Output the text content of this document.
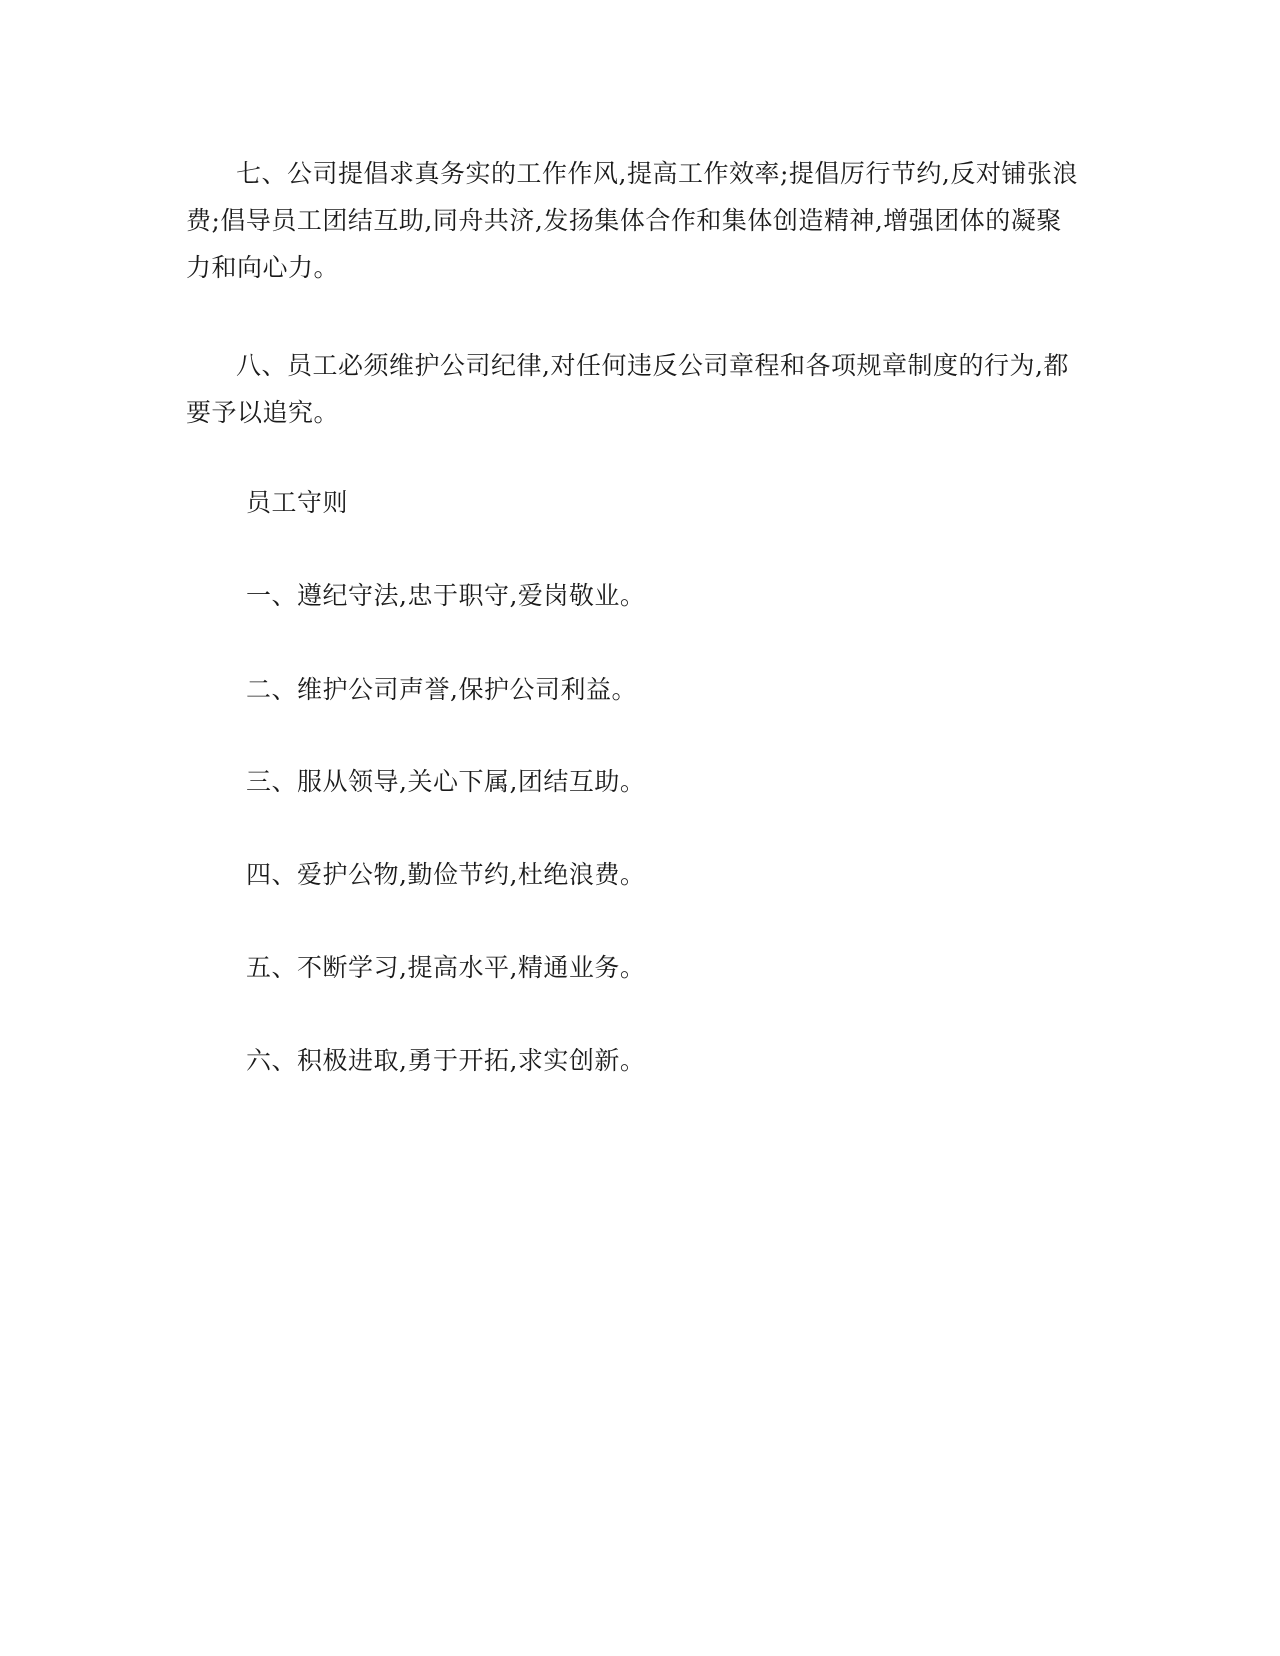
七、公司提倡求真务实的工作作风,提高工作效率;提倡厉行节约,反对铺张浪费;倡导员工团结互助,同舟共济,发扬集体合作和集体创造精神,增强团体的凝聚力和向心力。

八、员工必须维护公司纪律,对任何违反公司章程和各项规章制度的行为,都要予以追究。

员工守则

一、遵纪守法,忠于职守,爱岗敬业。

二、维护公司声誉,保护公司利益。

三、服从领导,关心下属,团结互助。

四、爱护公物,勤俭节约,杜绝浪费。

五、不断学习,提高水平,精通业务。

六、积极进取,勇于开拓,求实创新。
